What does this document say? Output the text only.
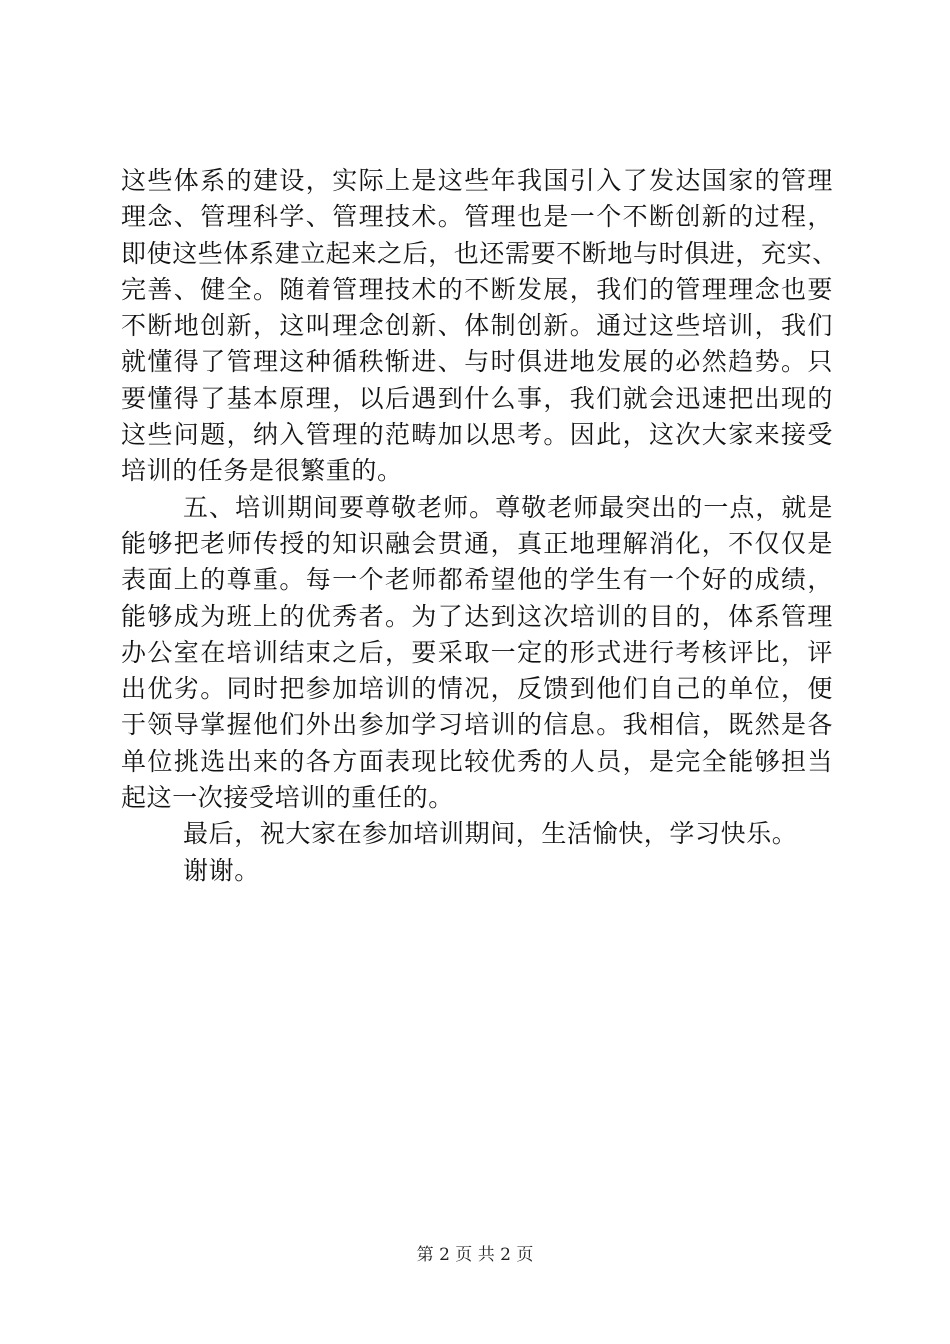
这些体系的建设，实际上是这些年我国引入了发达国家的管理
理念、管理科学、管理技术。管理也是一个不断创新的过程，
即使这些体系建立起来之后，也还需要不断地与时俱进，充实、
完善、健全。随着管理技术的不断发展，我们的管理理念也要
不断地创新，这叫理念创新、体制创新。通过这些培训，我们
就懂得了管理这种循秩惭进、与时俱进地发展的必然趋势。只
要懂得了基本原理，以后遇到什么事，我们就会迅速把出现的
这些问题，纳入管理的范畴加以思考。因此，这次大家来接受
培训的任务是很繁重的。
五、培训期间要尊敬老师。尊敬老师最突出的一点，就是
能够把老师传授的知识融会贯通，真正地理解消化，不仅仅是
表面上的尊重。每一个老师都希望他的学生有一个好的成绩，
能够成为班上的优秀者。为了达到这次培训的目的，体系管理
办公室在培训结束之后，要采取一定的形式进行考核评比，评
出优劣。同时把参加培训的情况，反馈到他们自己的单位，便
于领导掌握他们外出参加学习培训的信息。我相信，既然是各
单位挑选出来的各方面表现比较优秀的人员，是完全能够担当
起这一次接受培训的重任的。
最后，祝大家在参加培训期间，生活愉快，学习快乐。
谢谢。
第 2 页 共 2 页
